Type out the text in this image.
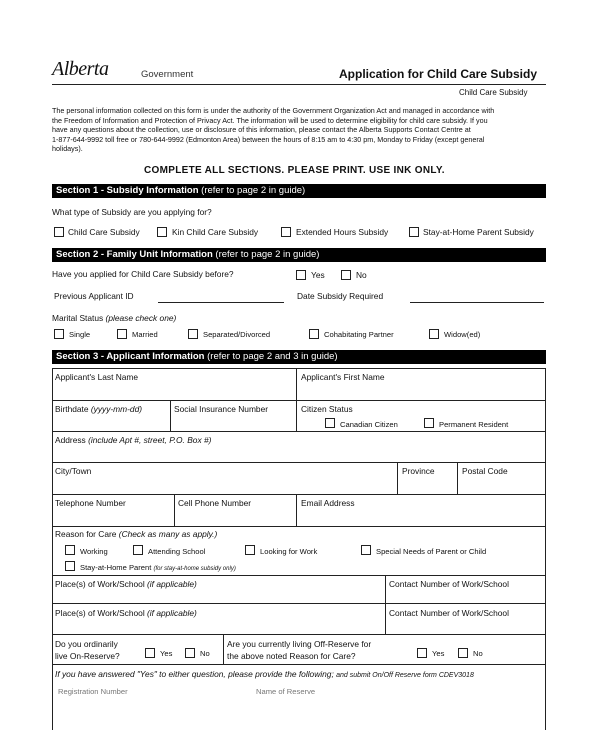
Alberta	Government	Application for Child Care Subsidy
Child Care Subsidy
The personal information collected on this form is under the authority of the Government Organization Act and managed in accordance with
the Freedom of Information and Protection of Privacy Act. The information will be used to determine eligibility for child care subsidy. If you
have any questions about the collection, use or disclosure of this information, please contact the Alberta Supports Contact Centre at
1-877-644-9992 toll free or 780-644-9992 (Edmonton Area) between the hours of 8:15 am to 4:30 pm, Monday to Friday (except general
holidays).
COMPLETE ALL SECTIONS. PLEASE PRINT. USE INK ONLY.
Section 1 - Subsidy Information (refer to page 2 in guide)
What type of Subsidy are you applying for?
Child Care Subsidy	Kin Child Care Subsidy	Extended Hours Subsidy	Stay-at-Home Parent Subsidy
Section 2 - Family Unit Information (refer to page 2 in guide)
Have you applied for Child Care Subsidy before?	Yes	No
Previous Applicant ID	Date Subsidy Required
Marital Status (please check one)
Single	Married	Separated/Divorced	Cohabitating Partner	Widow(ed)
Section 3 - Applicant Information (refer to page 2 and 3 in guide)
Applicant's Last Name	Applicant's First Name
Birthdate (yyyy-mm-dd)	Social Insurance Number	Citizen Status
Canadian Citizen	Permanent Resident
Address (include Apt #, street, P.O. Box #)
City/Town	Province	Postal Code
Telephone Number	Cell Phone Number	Email Address
Reason for Care (Check as many as apply.)
Working	Attending School	Looking for Work	Special Needs of Parent or Child
Stay-at-Home Parent (for stay-at-home subsidy only)
Place(s) of Work/School (if applicable)	Contact Number of Work/School
Place(s) of Work/School (if applicable)	Contact Number of Work/School
Do you ordinarily
live On-Reserve?	Yes	No
Are you currently living Off-Reserve for
the above noted Reason for Care?	Yes	No
If you have answered "Yes" to either question, please provide the following; and submit On/Off Reserve form CDEV3018
Registration Number	Name of Reserve
